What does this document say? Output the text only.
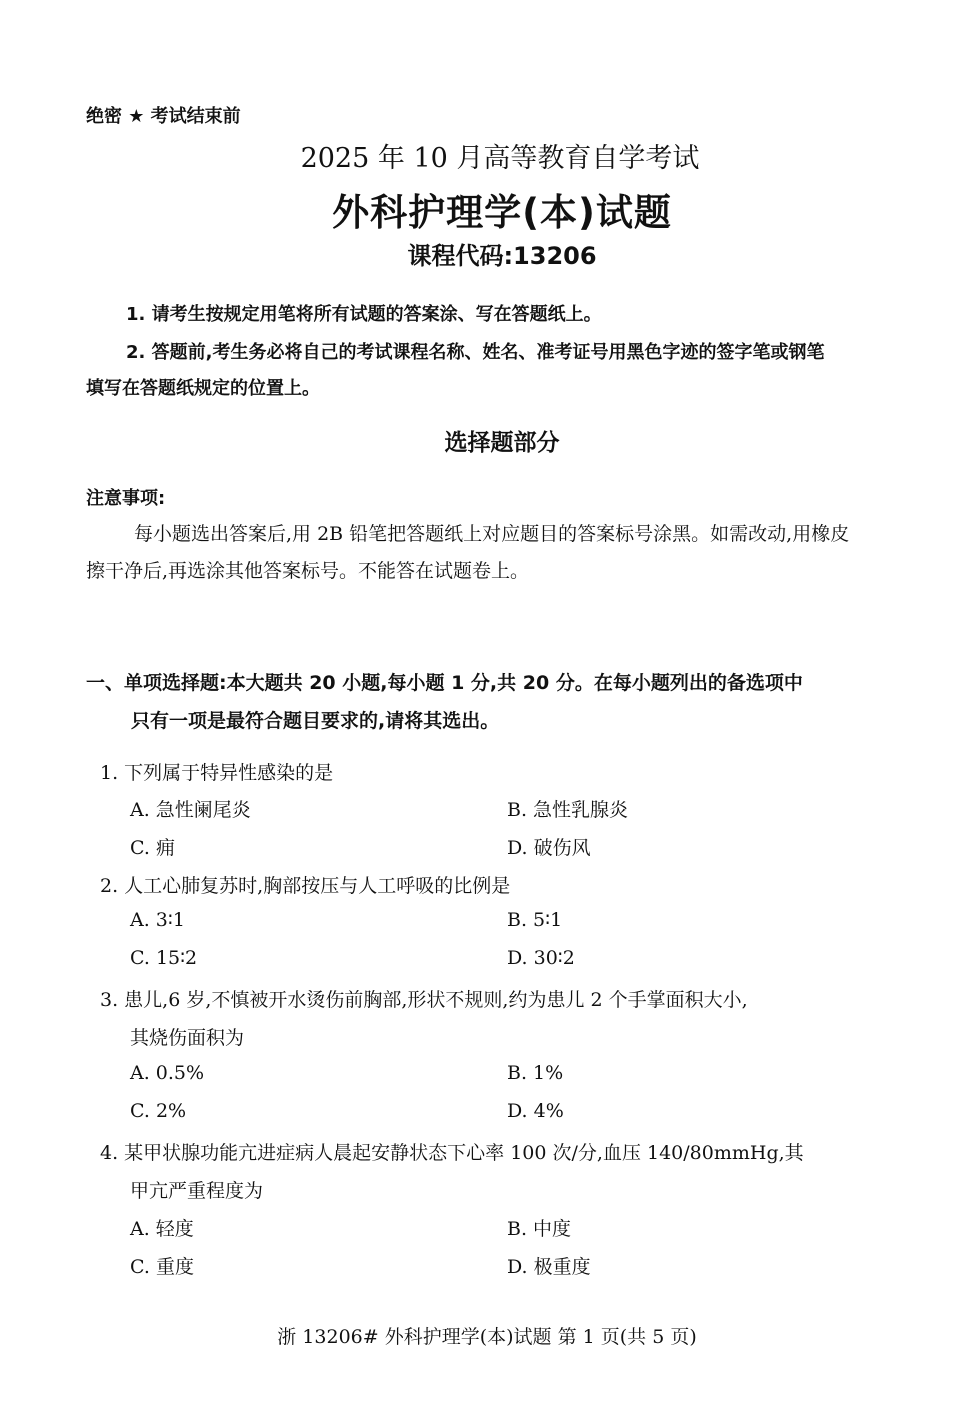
绝密 ★ 考试结束前
2025 年 10 月高等教育自学考试
外科护理学(本)试题
课程代码:13206
1. 请考生按规定用笔将所有试题的答案涂、写在答题纸上。
2. 答题前,考生务必将自己的考试课程名称、姓名、准考证号用黑色字迹的签字笔或钢笔
填写在答题纸规定的位置上。
选择题部分
注意事项:
每小题选出答案后,用 2B 铅笔把答题纸上对应题目的答案标号涂黑。如需改动,用橡皮
擦干净后,再选涂其他答案标号。不能答在试题卷上。
一、单项选择题:本大题共 20 小题,每小题 1 分,共 20 分。在每小题列出的备选项中
只有一项是最符合题目要求的,请将其选出。
1. 下列属于特异性感染的是
A. 急性阑尾炎	B. 急性乳腺炎
C. 痈	D. 破伤风
2. 人工心肺复苏时,胸部按压与人工呼吸的比例是
A. 3∶1	B. 5∶1
C. 15∶2	D. 30∶2
3. 患儿,6 岁,不慎被开水烫伤前胸部,形状不规则,约为患儿 2 个手掌面积大小,
其烧伤面积为
A. 0.5%	B. 1%
C. 2%	D. 4%
4. 某甲状腺功能亢进症病人晨起安静状态下心率 100 次/分,血压 140/80mmHg,其
甲亢严重程度为
A. 轻度	B. 中度
C. 重度	D. 极重度
浙 13206# 外科护理学(本)试题 第 1 页(共 5 页)
